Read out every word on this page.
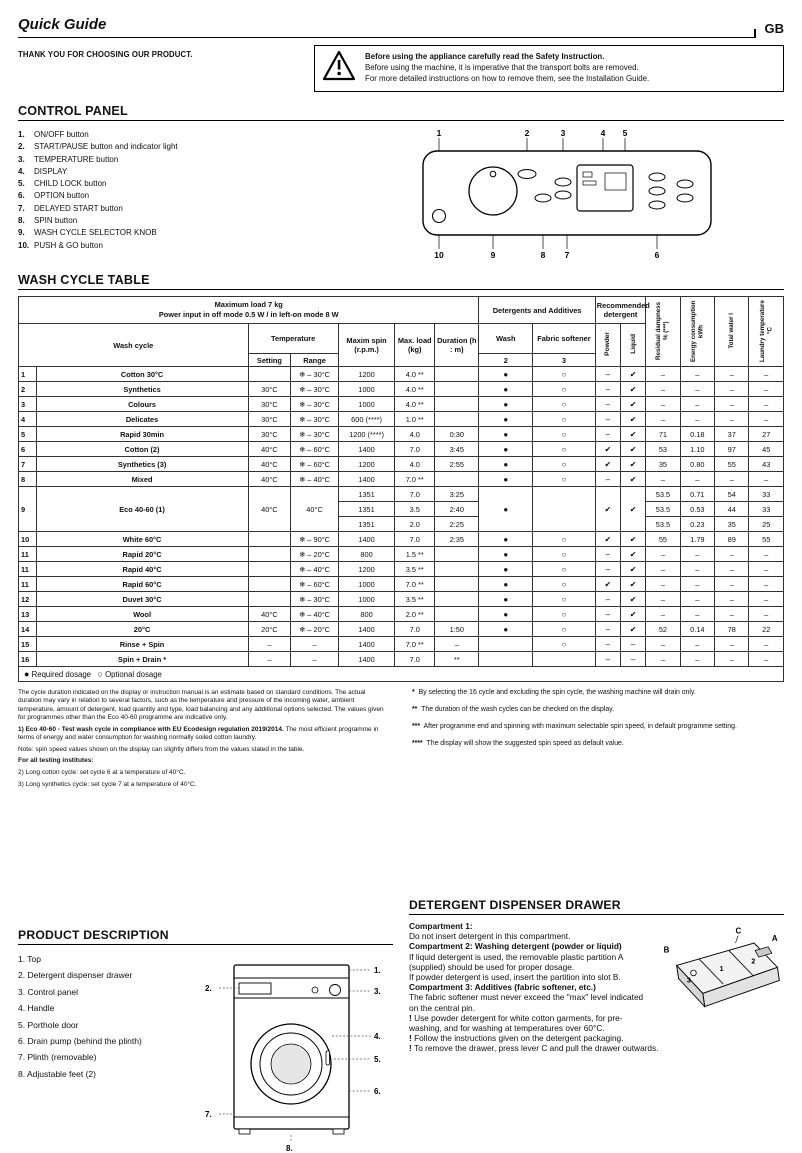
Quick Guide	GB
THANK YOU FOR CHOOSING OUR PRODUCT.	Before using the appliance carefully read the Safety Instruction.
Before using the machine, it is imperative that the transport bolts are removed.
For more detailed instructions on how to remove them, see the Installation Guide.
CONTROL PANEL
1.	ON/OFF button
2.	START/PAUSE button and indicator light
3.	TEMPERATURE button
4.	DISPLAY
5.	CHILD LOCK button
6.	OPTION button
7.	DELAYED START button
8.	SPIN button
9.	WASH CYCLE SELECTOR KNOB
10. PUSH & GO button
1	2	3	4 5
10	9	8 7	6
WASH CYCLE TABLE
Maximum load 7 kg
Power input in off mode 0.5 W / in left-on mode 8 W							Detergents and Additives		Recommended detergent		Residual dampness % (***)	Energy consumption kWh	Total water l	Laundry temperature °C
Wash cycle		Temperature		Maxim spin (r.p.m.)	Max. load (kg)	Duration (h : m)	Wash	Fabric softener	Powder	Liquid				
		Setting	Range				2	3						
1	Cotton 30°C		❄ – 30°C	1200	4.0 **		●	○	–	✔	–	–	–	–
2	Synthetics	30°C	❄ – 30°C	1000	4.0 **		●	○	–	✔	–	–	–	–
3	Colours	30°C	❄ – 30°C	1000	4.0 **		●	○	–	✔	–	–	–	–
4	Delicates	30°C	❄ – 30°C	600 (****)	1.0 **		●	○	–	✔	–	–	–	–
5	Rapid 30min	30°C	❄ – 30°C	1200 (****)	4.0	0:30	●	○	–	✔	71	0.18	37	27
6	Cotton (2)	40°C	❄ – 60°C	1400	7.0	3:45	●	○	✔	✔	53	1.10	97	45
7	Synthetics (3)	40°C	❄ – 60°C	1200	4.0	2:55	●	○	✔	✔	35	0.80	55	43
8	Mixed	40°C	❄ – 40°C	1400	7.0 **		●	○	–	✔	–	–	–	–
9	Eco 40-60 (1)	40°C	40°C	1351	7.0	3:25	●		✔	✔	53.5	0.71	54	33
				1351	3.5	2:40					53.5	0.53	44	33
				1351	2.0	2:25					53.5	0.23	35	25
10	White 60°C		❄ – 90°C	1400	7.0	2:35	●	○	✔	✔	55	1.79	89	55
11	Rapid 20°C		❄ – 20°C	800	1.5 **		●	○	–	✔	–	–	–	–
11	Rapid 40°C		❄ – 40°C	1200	3.5 **		●	○	–	✔	–	–	–	–
11	Rapid 60°C		❄ – 60°C	1000	7.0 **		●	○	✔	✔	–	–	–	–
12	Duvet 30°C		❄ – 30°C	1000	3.5 **		●	○	–	✔	–	–	–	–
13	Wool	40°C	❄ – 40°C	800	2.0 **		●	○	–	✔	–	–	–	–
14	20°C	20°C	❄ – 20°C	1400	7.0	1:50	●	○	–	✔	52	0.14	78	22
15	Rinse + Spin	–	–	1400	7.0 **	–		○	–	–	–	–	–	–
16	Spin + Drain *	–	–	1400	7.0	**			–	–	–	–	–	–
● Required dosage ○ Optional dosage														

The cycle duration indicated on the display or instruction manual is an estimate based on standard conditions. The actual duration may vary in relation to several factors, such as the temperature and pressure of the incoming water, ambient temperature, amount of detergent, load quantity and type, load balancing and any additional options selected. The values given for programmes other than the Eco 40-60 programme are indicative only.

1) Eco 40-60 - Test wash cycle in compliance with EU Ecodesign regulation 2019/2014. The most efficient programme in terms of energy and water consumption for washing normally soiled cotton laundry.

Note: spin speed values shown on the display can slightly differs from the values stated in the table.

For all testing institutes:

2) Long cotton cycle: set cycle 6 at a temperature of 40°C.

3) Long synthetics cycle: set cycle 7 at a temperature of 40°C.

* By selecting the 16 cycle and excluding the spin cycle, the washing machine will drain only.

** The duration of the wash cycles can be checked on the display.

*** After programme end and spinning with maximum selectable spin speed, in default programme setting.

**** The display will show the suggested spin speed as default value.

PRODUCT DESCRIPTION
1. Top
2. Detergent dispenser drawer
3. Control panel
4. Handle
5. Porthole door
6. Drain pump (behind the plinth)
7. Plinth (removable)
8. Adjustable feet (2)
1.
2.	3.
4.
5.
6.
7.
8.
DETERGENT DISPENSER DRAWER
B
A
C
1
2
3
Compartment 1:
Do not insert detergent in this compartment.
Compartment 2: Washing detergent (powder or liquid)
If liquid detergent is used, the removable plastic partition A (supplied) should be used for proper dosage.
If powder detergent is used, insert the partition into slot B.
Compartment 3: Additives (fabric softener, etc.)
The fabric softener must never exceed the "max" level indicated on the central pin.
! Use powder detergent for white cotton garments, for pre-washing, and for washing at temperatures over 60°C.
! Follow the instructions given on the detergent packaging.
! To remove the drawer, press lever C and pull the drawer outwards.
